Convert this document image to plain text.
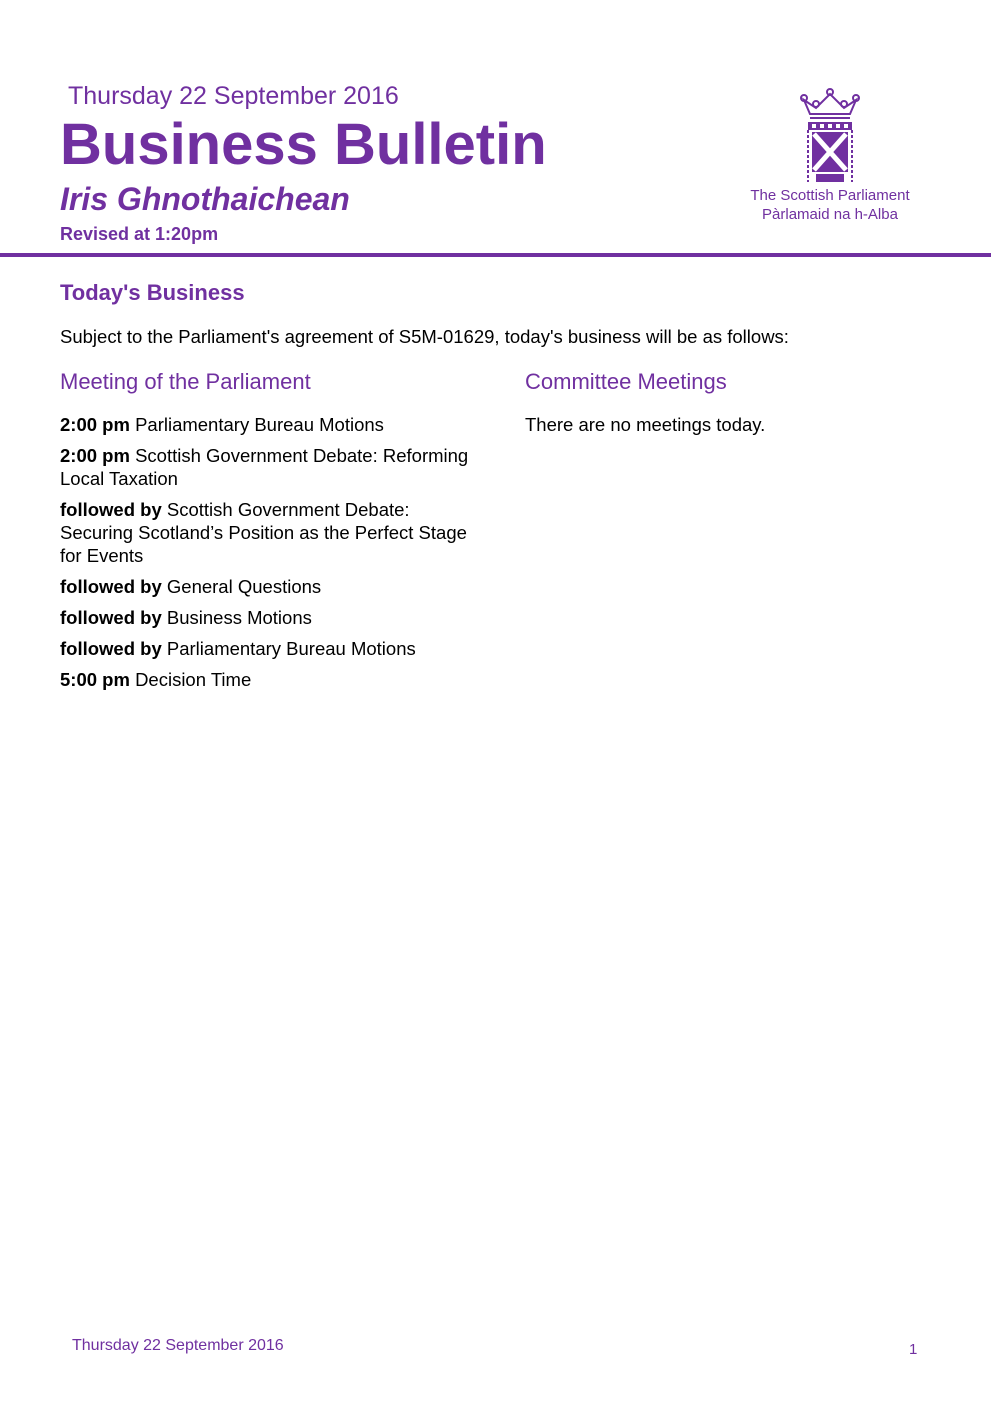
Thursday 22 September 2016
Business Bulletin
Iris Ghnothaichean
Revised at 1:20pm
The Scottish Parliament
Pàrlamaid na h-Alba
Today's Business
Subject to the Parliament's agreement of S5M-01629, today's business will be as follows:
Meeting of the Parliament	Committee Meetings
2:00 pm Parliamentary Bureau Motions
2:00 pm Scottish Government Debate: Reforming Local Taxation
followed by Scottish Government Debate: Securing Scotland’s Position as the Perfect Stage for Events
followed by General Questions
followed by Business Motions
followed by Parliamentary Bureau Motions
5:00 pm Decision Time
There are no meetings today.
Thursday 22 September 2016	1
